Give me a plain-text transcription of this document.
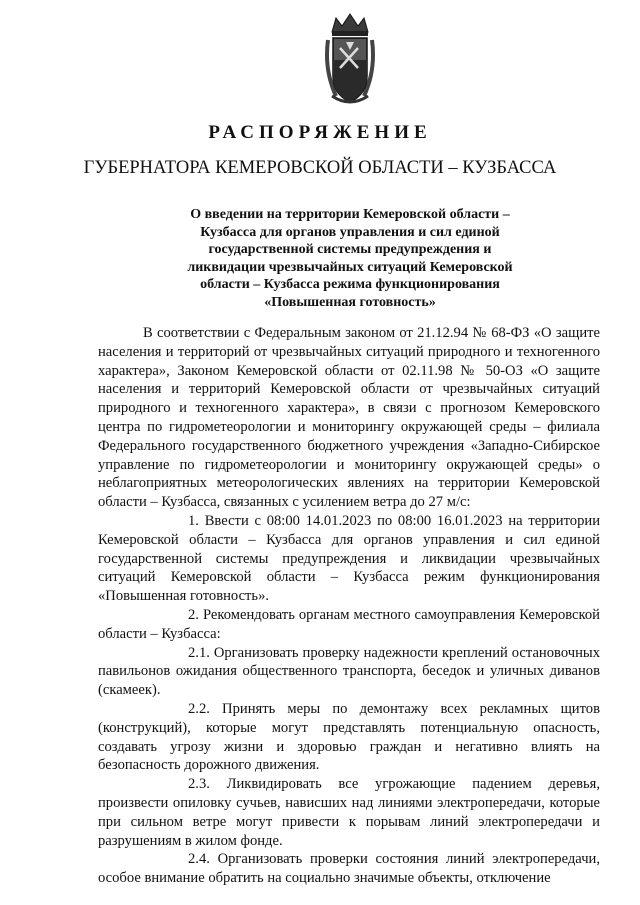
РАСПОРЯЖЕНИЕ
ГУБЕРНАТОРА КЕМЕРОВСКОЙ ОБЛАСТИ – КУЗБАССА
О введении на территории Кемеровской области –
Кузбасса для органов управления и сил единой
государственной системы предупреждения и
ликвидации чрезвычайных ситуаций Кемеровской
области – Кузбасса режима функционирования
«Повышенная готовность»

В соответствии с Федеральным законом от 21.12.94 № 68-ФЗ «О защите населения и территорий от чрезвычайных ситуаций природного и техногенного характера», Законом Кемеровской области от 02.11.98 № 50-ОЗ «О защите населения и территорий Кемеровской области от чрезвычайных ситуаций природного и техногенного характера», в связи с прогнозом Кемеровского центра по гидрометеорологии и мониторингу окружающей среды – филиала Федерального государственного бюджетного учреждения «Западно-Сибирское управление по гидрометеорологии и мониторингу окружающей среды» о неблагоприятных метеорологических явлениях на территории Кемеровской области – Кузбасса, связанных с усилением ветра до 27 м/с:

1. Ввести с 08:00 14.01.2023 по 08:00 16.01.2023 на территории Кемеровской области – Кузбасса для органов управления и сил единой государственной системы предупреждения и ликвидации чрезвычайных ситуаций Кемеровской области – Кузбасса режим функционирования «Повышенная готовность».

2. Рекомендовать органам местного самоуправления Кемеровской области – Кузбасса:

2.1. Организовать проверку надежности креплений остановочных павильонов ожидания общественного транспорта, беседок и уличных диванов (скамеек).

2.2. Принять меры по демонтажу всех рекламных щитов (конструкций), которые могут представлять потенциальную опасность, создавать угрозу жизни и здоровью граждан и негативно влиять на безопасность дорожного движения.

2.3. Ликвидировать все угрожающие падением деревья, произвести опиловку сучьев, нависших над линиями электропередачи, которые при сильном ветре могут привести к порывам линий электропередачи и разрушениям в жилом фонде.

2.4. Организовать проверки состояния линий электропередачи, особое внимание обратить на социально значимые объекты, отключение
